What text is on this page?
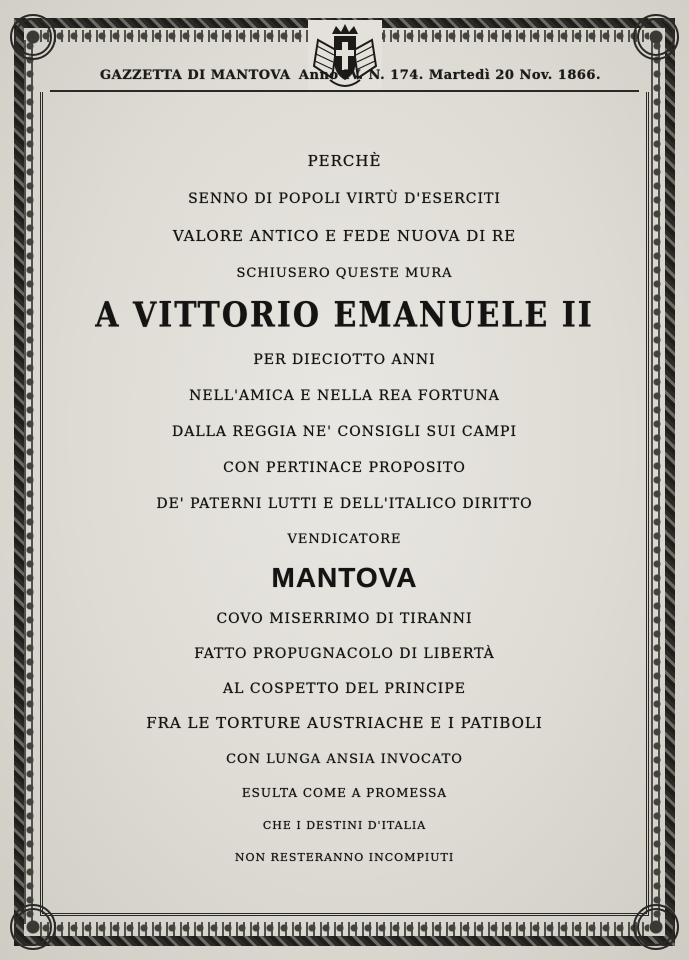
GAZZETTA DI MANTOVA Anno IV. N. 174. Martedì 20 Nov. 1866.
PERCHÈ
SENNO DI POPOLI VIRTÙ D'ESERCITI
VALORE ANTICO E FEDE NUOVA DI RE
SCHIUSERO QUESTE MURA
A VITTORIO EMANUELE II
PER DIECIOTTO ANNI
NELL'AMICA E NELLA REA FORTUNA
DALLA REGGIA NE' CONSIGLI SUI CAMPI
CON PERTINACE PROPOSITO
DE' PATERNI LUTTI E DELL'ITALICO DIRITTO
VENDICATORE
MANTOVA
COVO MISERRIMO DI TIRANNI
FATTO PROPUGNACOLO DI LIBERTÀ
AL COSPETTO DEL PRINCIPE
FRA LE TORTURE AUSTRIACHE E I PATIBOLI
CON LUNGA ANSIA INVOCATO
ESULTA COME A PROMESSA
CHE I DESTINI D'ITALIA
NON RESTERANNO INCOMPIUTI
